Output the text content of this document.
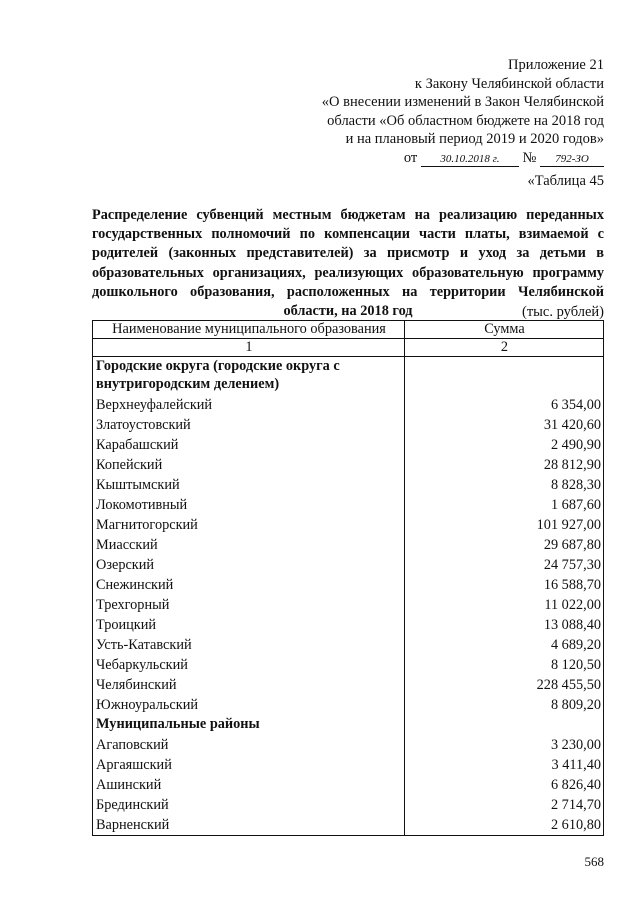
Приложение 21
к Закону Челябинской области
«О внесении изменений в Закон Челябинской
области «Об областном бюджете на 2018 год
и на плановый период 2019 и 2020 годов»
от 30.10.2018 г. № 792-ЗО
«Таблица 45
Распределение субвенций местным бюджетам на реализацию переданных государственных полномочий по компенсации части платы, взимаемой с родителей (законных представителей) за присмотр и уход за детьми в образовательных организациях, реализующих образовательную программу дошкольного образования, расположенных на территории Челябинской области, на 2018 год	(тыс. рублей)
Наименование муниципального образования	Сумма
1	2
Городские округа (городские округа с внутригородским делением)	
Верхнеуфалейский	6 354,00
Златоустовский	31 420,60
Карабашский	2 490,90
Копейский	28 812,90
Кыштымский	8 828,30
Локомотивный	1 687,60
Магнитогорский	101 927,00
Миасский	29 687,80
Озерский	24 757,30
Снежинский	16 588,70
Трехгорный	11 022,00
Троицкий	13 088,40
Усть-Катавский	4 689,20
Чебаркульский	8 120,50
Челябинский	228 455,50
Южноуральский	8 809,20
Муниципальные районы	
Агаповский	3 230,00
Аргаяшский	3 411,40
Ашинский	6 826,40
Брединский	2 714,70
Варненский	2 610,80
568
